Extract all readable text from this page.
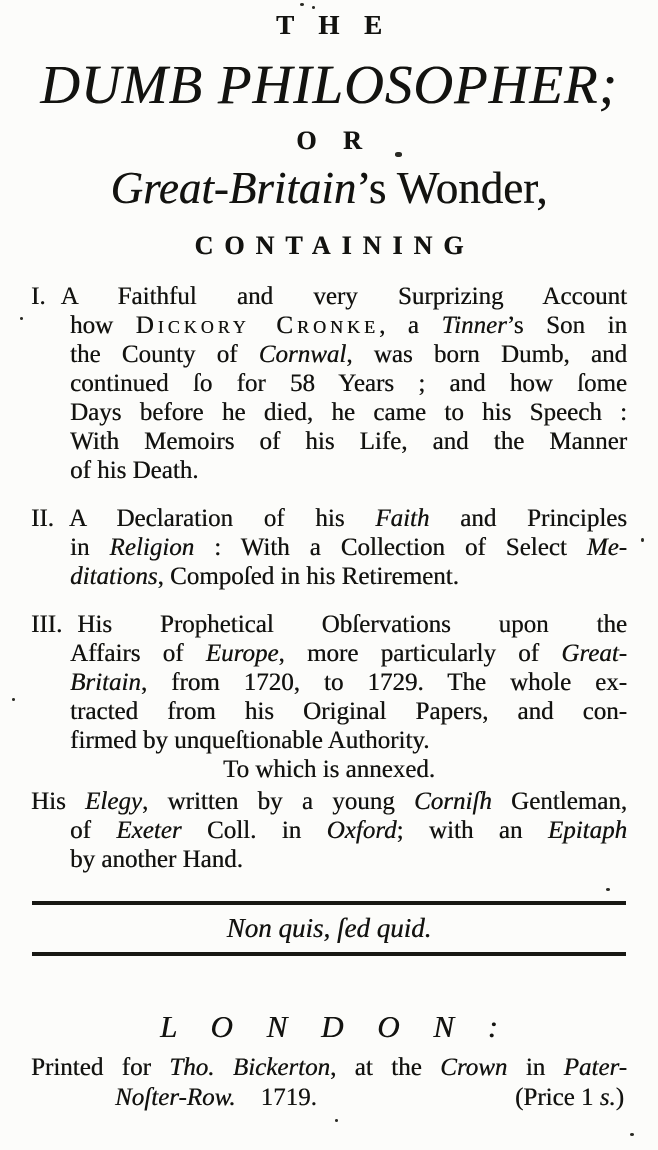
T H E
DUMB PHILOSOPHER;
O R
Great-Britain’s Wonder,
CONTAINING
I. A Faithful and very Surprizing Account
how Dickory Cronke, a Tinner’s Son in
the County of Cornwal, was born Dumb, and
continued ſo for 58 Years ; and how ſome
Days before he died, he came to his Speech :
With Memoirs of his Life, and the Manner
of his Death.
II. A Declaration of his Faith and Principles
in Religion : With a Collection of Select Me-
ditations, Compoſed in his Retirement.
III. His Prophetical Obſervations upon the
Affairs of Europe, more particularly of Great-
Britain, from 1720, to 1729. The whole ex-
tracted from his Original Papers, and con-
firmed by unqueſtionable Authority.
To which is annexed.
His Elegy, written by a young Corniſh Gentleman,
of Exeter Coll. in Oxford; with an Epitaph
by another Hand.
Non quis, ſed quid.
L O N D O N :
Printed for Tho. Bickerton, at the Crown in Pater-
Noſter-Row.    1719.	(Price 1 s.)
